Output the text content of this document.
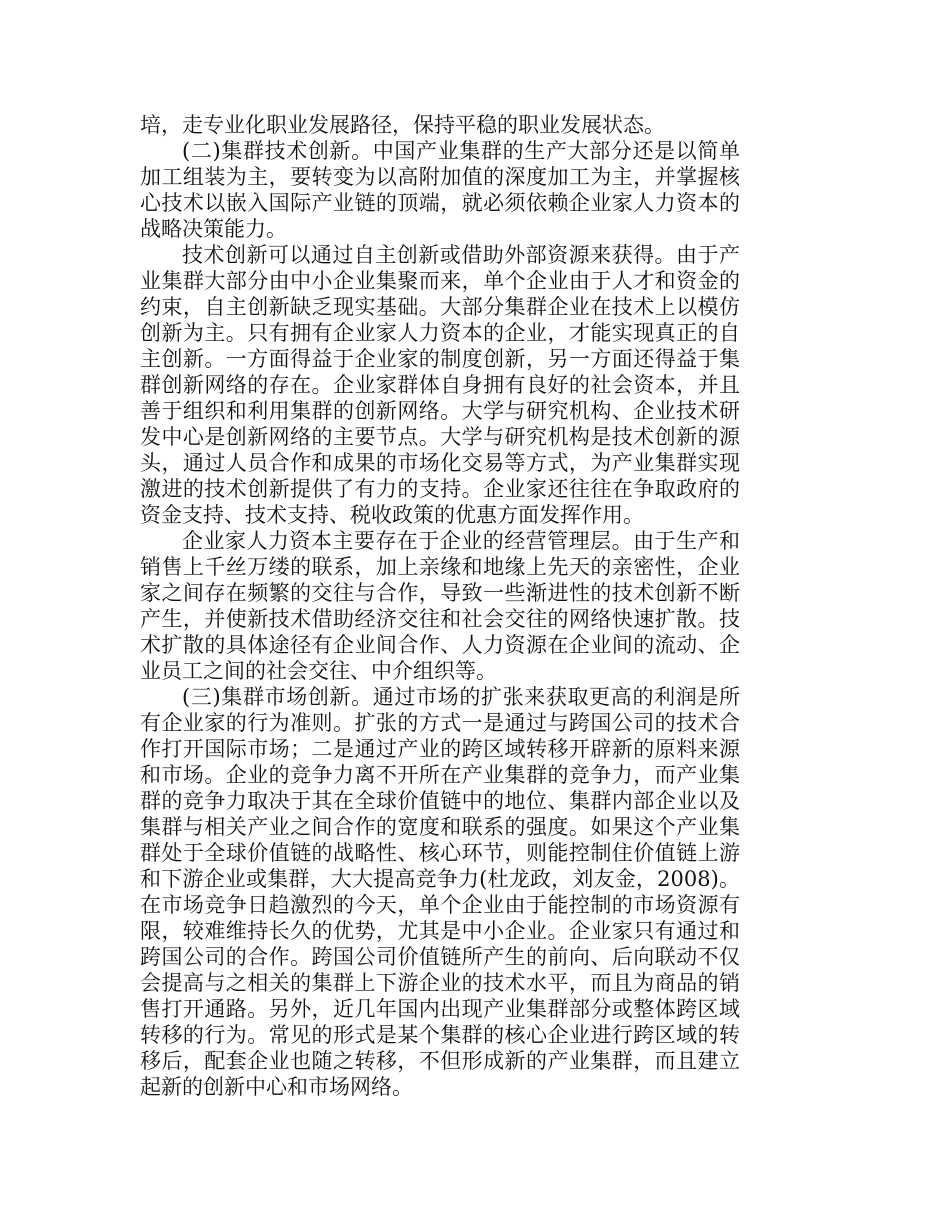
培，走专业化职业发展路径，保持平稳的职业发展状态。

(二)集群技术创新。中国产业集群的生产大部分还是以简单加工组装为主，要转变为以高附加值的深度加工为主，并掌握核心技术以嵌入国际产业链的顶端，就必须依赖企业家人力资本的战略决策能力。

技术创新可以通过自主创新或借助外部资源来获得。由于产业集群大部分由中小企业集聚而来，单个企业由于人才和资金的约束，自主创新缺乏现实基础。大部分集群企业在技术上以模仿创新为主。只有拥有企业家人力资本的企业，才能实现真正的自主创新。一方面得益于企业家的制度创新，另一方面还得益于集群创新网络的存在。企业家群体自身拥有良好的社会资本，并且善于组织和利用集群的创新网络。大学与研究机构、企业技术研发中心是创新网络的主要节点。大学与研究机构是技术创新的源头，通过人员合作和成果的市场化交易等方式，为产业集群实现激进的技术创新提供了有力的支持。企业家还往往在争取政府的资金支持、技术支持、税收政策的优惠方面发挥作用。

企业家人力资本主要存在于企业的经营管理层。由于生产和销售上千丝万缕的联系，加上亲缘和地缘上先天的亲密性，企业家之间存在频繁的交往与合作，导致一些渐进性的技术创新不断产生，并使新技术借助经济交往和社会交往的网络快速扩散。技术扩散的具体途径有企业间合作、人力资源在企业间的流动、企业员工之间的社会交往、中介组织等。

(三)集群市场创新。通过市场的扩张来获取更高的利润是所有企业家的行为准则。扩张的方式一是通过与跨国公司的技术合作打开国际市场；二是通过产业的跨区域转移开辟新的原料来源和市场。企业的竞争力离不开所在产业集群的竞争力，而产业集群的竞争力取决于其在全球价值链中的地位、集群内部企业以及集群与相关产业之间合作的宽度和联系的强度。如果这个产业集群处于全球价值链的战略性、核心环节，则能控制住价值链上游和下游企业或集群，大大提高竞争力(杜龙政，刘友金，2008)。在市场竞争日趋激烈的今天，单个企业由于能控制的市场资源有限，较难维持长久的优势，尤其是中小企业。企业家只有通过和跨国公司的合作。跨国公司价值链所产生的前向、后向联动不仅会提高与之相关的集群上下游企业的技术水平，而且为商品的销售打开通路。另外，近几年国内出现产业集群部分或整体跨区域转移的行为。常见的形式是某个集群的核心企业进行跨区域的转移后，配套企业也随之转移，不但形成新的产业集群，而且建立起新的创新中心和市场网络。
